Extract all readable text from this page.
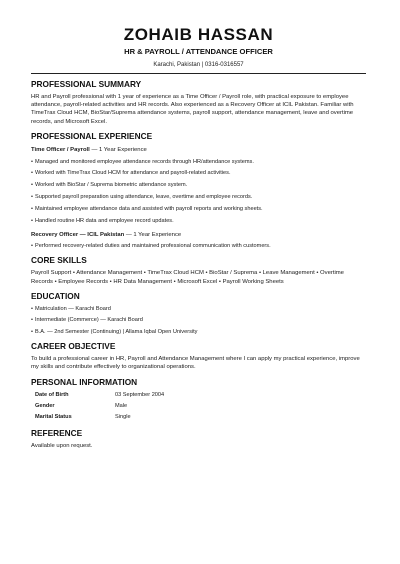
ZOHAIB HASSAN
HR & PAYROLL / ATTENDANCE OFFICER
Karachi, Pakistan | 0316-0316557
PROFESSIONAL SUMMARY
HR and Payroll professional with 1 year of experience as a Time Officer / Payroll role, with practical exposure to employee attendance, payroll-related activities and HR records. Also experienced as a Recovery Officer at ICIL Pakistan. Familiar with TimeTrax Cloud HCM, BioStar/Suprema attendance systems, payroll support, attendance management, leave and overtime records, and Microsoft Excel.
PROFESSIONAL EXPERIENCE
Time Officer / Payroll — 1 Year Experience
• Managed and monitored employee attendance records through HR/attendance systems.
• Worked with TimeTrax Cloud HCM for attendance and payroll-related activities.
• Worked with BioStar / Suprema biometric attendance system.
• Supported payroll preparation using attendance, leave, overtime and employee records.
• Maintained employee attendance data and assisted with payroll reports and working sheets.
• Handled routine HR data and employee record updates.
Recovery Officer — ICIL Pakistan — 1 Year Experience
• Performed recovery-related duties and maintained professional communication with customers.
CORE SKILLS
Payroll Support • Attendance Management • TimeTrax Cloud HCM • BioStar / Suprema • Leave Management • Overtime Records • Employee Records • HR Data Management • Microsoft Excel • Payroll Working Sheets
EDUCATION
• Matriculation — Karachi Board
• Intermediate (Commerce) — Karachi Board
• B.A. — 2nd Semester (Continuing) | Allama Iqbal Open University
CAREER OBJECTIVE
To build a professional career in HR, Payroll and Attendance Management where I can apply my practical experience, improve my skills and contribute effectively to organizational operations.
PERSONAL INFORMATION
Date of Birth	03 September 2004
Gender	Male
Marital Status	Single
REFERENCE
Available upon request.
